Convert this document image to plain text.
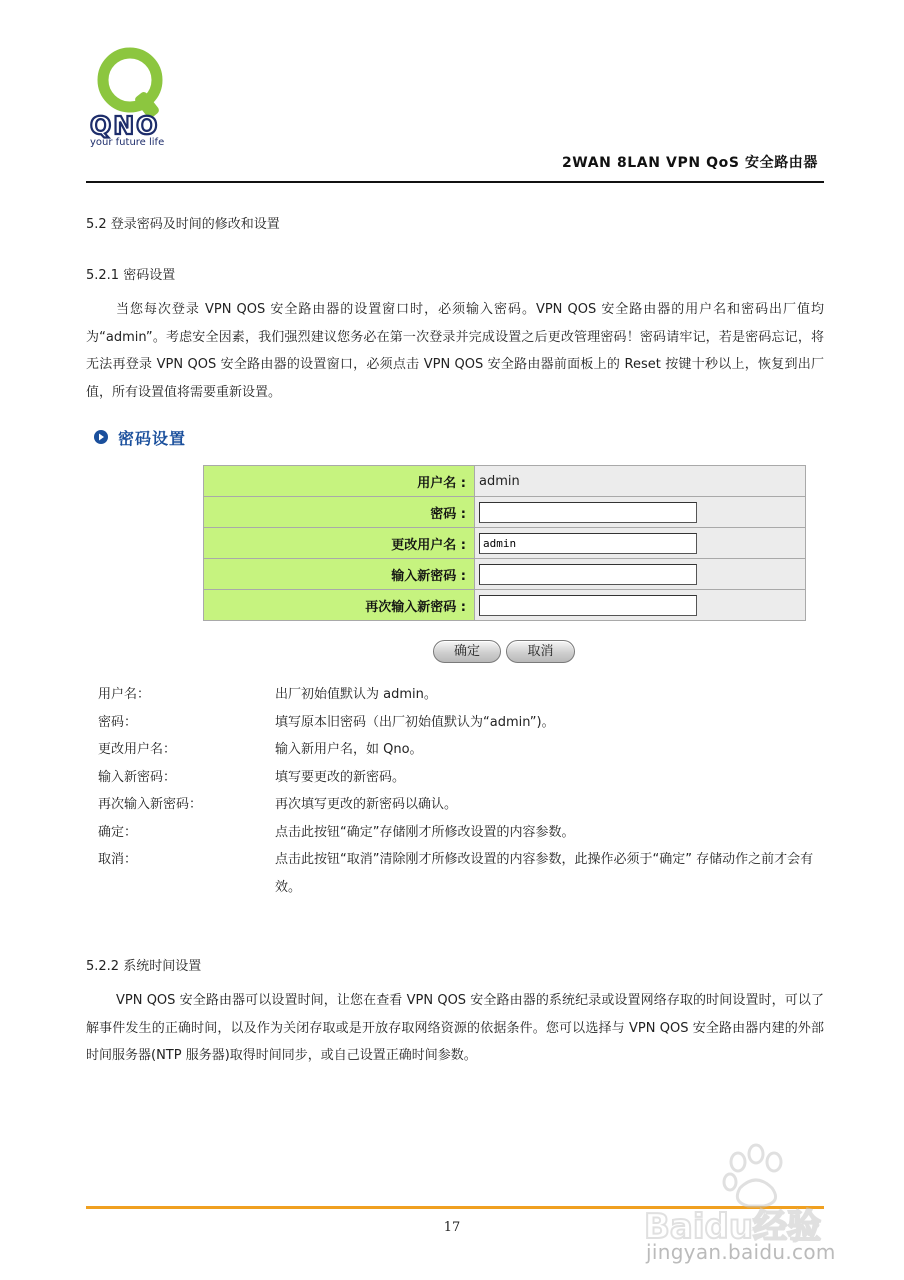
QNO
your future life
2WAN 8LAN VPN QoS 安全路由器
5.2 登录密码及时间的修改和设置
5.2.1 密码设置
当您每次登录 VPN QOS 安全路由器的设置窗口时，必须输入密码。VPN QOS 安全路由器的用户名和密码出厂值均为“admin”。考虑安全因素，我们强烈建议您务必在第一次登录并完成设置之后更改管理密码！密码请牢记，若是密码忘记，将无法再登录 VPN QOS 安全路由器的设置窗口，必须点击 VPN QOS 安全路由器前面板上的 Reset 按键十秒以上，恢复到出厂值，所有设置值将需要重新设置。
密码设置
用户名 :	admin
密码 :	
更改用户名 :	admin
输入新密码 :	
再次输入新密码 :	
确定	取消
用户名：	出厂初始值默认为 admin。
密码：	填写原本旧密码（出厂初始值默认为“admin”)。
更改用户名：	输入新用户名，如 Qno。
输入新密码：	填写要更改的新密码。
再次输入新密码：	再次填写更改的新密码以确认。
确定：	点击此按钮“确定”存储刚才所修改设置的内容参数。
取消：	点击此按钮“取消”清除刚才所修改设置的内容参数，此操作必须于“确定” 存储动作之前才会有效。
5.2.2 系统时间设置
VPN QOS 安全路由器可以设置时间，让您在查看 VPN QOS 安全路由器的系统纪录或设置网络存取的时间设置时，可以了解事件发生的正确时间，以及作为关闭存取或是开放存取网络资源的依据条件。您可以选择与 VPN QOS 安全路由器内建的外部时间服务器(NTP 服务器)取得时间同步，或自己设置正确时间参数。
17	Baidu经验
jingyan.baidu.com
